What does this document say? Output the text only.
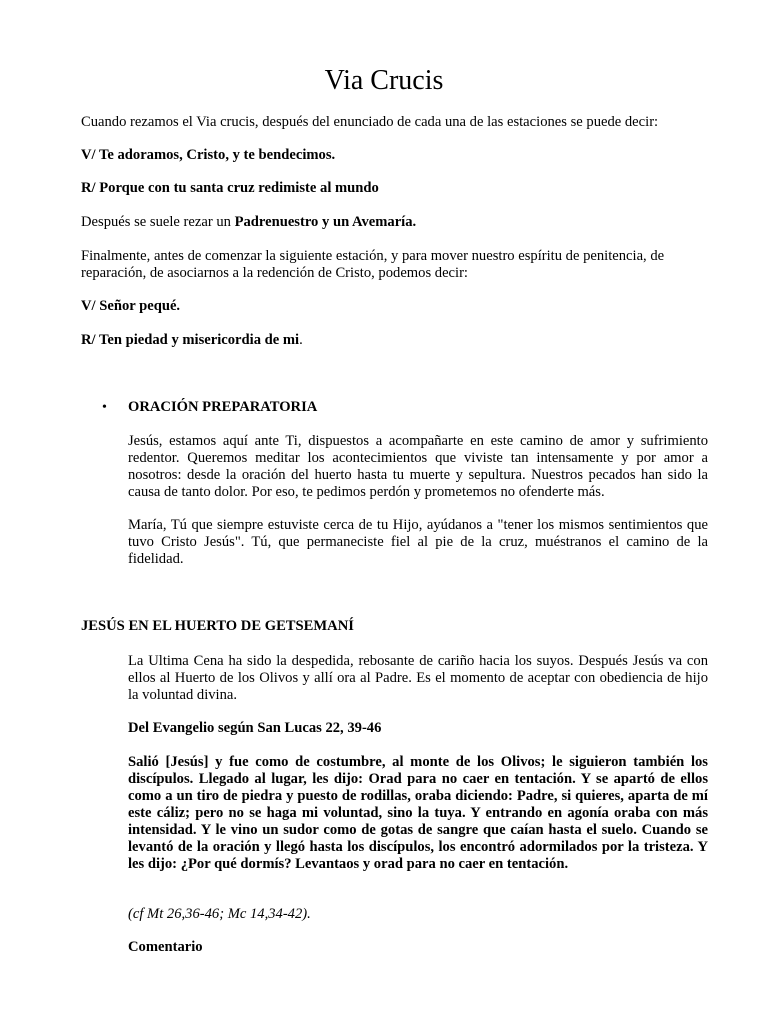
Via Crucis

Cuando rezamos el Via crucis, después del enunciado de cada una de las estaciones se puede decir:

V/ Te adoramos, Cristo, y te bendecimos.

R/ Porque con tu santa cruz redimiste al mundo

Después se suele rezar un Padrenuestro y un Avemaría.

Finalmente, antes de comenzar la siguiente estación, y para mover nuestro espíritu de penitencia, de reparación, de asociarnos a la redención de Cristo, podemos decir:

V/ Señor pequé.

R/ Ten piedad y misericordia de mi.

• ORACIÓN PREPARATORIA

Jesús, estamos aquí ante Ti, dispuestos a acompañarte en este camino de amor y sufrimiento redentor. Queremos meditar los acontecimientos que viviste tan intensamente y por amor a nosotros: desde la oración del huerto hasta tu muerte y sepultura. Nuestros pecados han sido la causa de tanto dolor. Por eso, te pedimos perdón y prometemos no ofenderte más.

María, Tú que siempre estuviste cerca de tu Hijo, ayúdanos a "tener los mismos sentimientos que tuvo Cristo Jesús". Tú, que permaneciste fiel al pie de la cruz, muéstranos el camino de la fidelidad.

JESÚS EN EL HUERTO DE GETSEMANÍ

La Ultima Cena ha sido la despedida, rebosante de cariño hacia los suyos. Después Jesús va con ellos al Huerto de los Olivos y allí ora al Padre. Es el momento de aceptar con obediencia de hijo la voluntad divina.

Del Evangelio según San Lucas 22, 39-46

Salió [Jesús] y fue como de costumbre, al monte de los Olivos; le siguieron también los discípulos. Llegado al lugar, les dijo: Orad para no caer en tentación. Y se apartó de ellos como a un tiro de piedra y puesto de rodillas, oraba diciendo: Padre, si quieres, aparta de mí este cáliz; pero no se haga mi voluntad, sino la tuya. Y entrando en agonía oraba con más intensidad. Y le vino un sudor como de gotas de sangre que caían hasta el suelo. Cuando se levantó de la oración y llegó hasta los discípulos, los encontró adormilados por la tristeza. Y les dijo: ¿Por qué dormís? Levantaos y orad para no caer en tentación.

(cf Mt 26,36-46; Mc 14,34-42).

Comentario
